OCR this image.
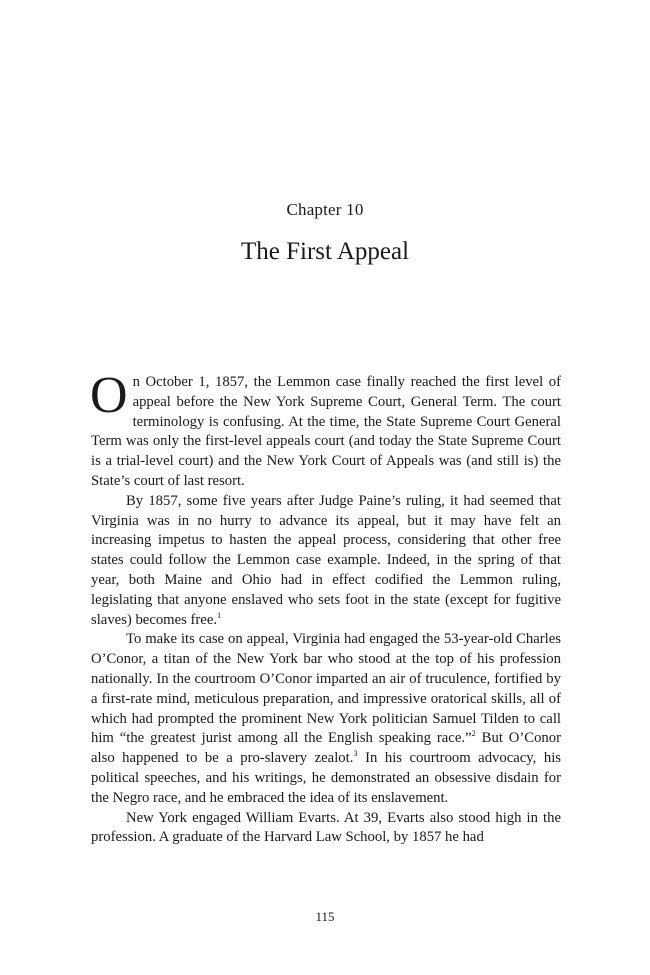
Chapter 10
The First Appeal

On October 1, 1857, the Lemmon case finally reached the first level of appeal before the New York Supreme Court, General Term. The court terminology is confusing. At the time, the State Supreme Court General Term was only the first-level appeals court (and today the State Supreme Court is a trial-level court) and the New York Court of Appeals was (and still is) the State’s court of last resort.

By 1857, some five years after Judge Paine’s ruling, it had seemed that Virginia was in no hurry to advance its appeal, but it may have felt an increasing impetus to hasten the appeal process, considering that other free states could follow the Lemmon case example. Indeed, in the spring of that year, both Maine and Ohio had in effect codified the Lemmon ruling, legislating that anyone enslaved who sets foot in the state (except for fugitive slaves) becomes free.$^1$

To make its case on appeal, Virginia had engaged the 53-year-old Charles O’Conor, a titan of the New York bar who stood at the top of his profession nationally. In the courtroom O’Conor imparted an air of truculence, fortified by a first-rate mind, meticulous preparation, and impressive oratorical skills, all of which had prompted the prominent New York politician Samuel Tilden to call him “the greatest jurist among all the English speaking race.”$^2$ But O’Conor also happened to be a pro-slavery zealot.$^3$ In his courtroom advocacy, his political speeches, and his writings, he demonstrated an obsessive disdain for the Negro race, and he embraced the idea of its enslavement.

New York engaged William Evarts. At 39, Evarts also stood high in the profession. A graduate of the Harvard Law School, by 1857 he had

115
